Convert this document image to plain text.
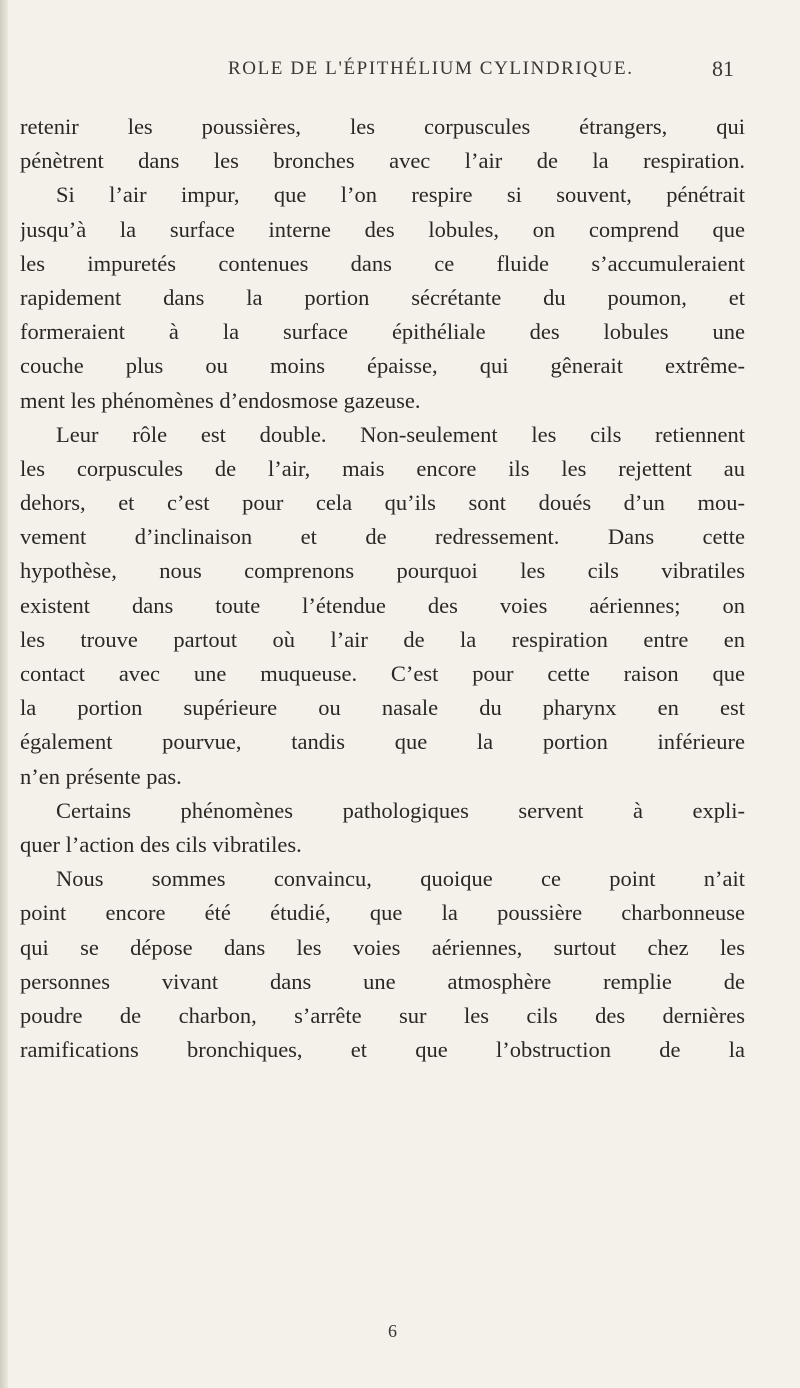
ROLE DE L'ÉPITHÉLIUM CYLINDRIQUE.	81
retenir les poussières, les corpuscules étrangers, qui
pénètrent dans les bronches avec l’air de la respiration.
Si l’air impur, que l’on respire si souvent, pénétrait
jusqu’à la surface interne des lobules, on comprend que
les impuretés contenues dans ce fluide s’accumuleraient
rapidement dans la portion sécrétante du poumon, et
formeraient à la surface épithéliale des lobules une
couche plus ou moins épaisse, qui gênerait extrême-
ment les phénomènes d’endosmose gazeuse.
Leur rôle est double. Non-seulement les cils retiennent
les corpuscules de l’air, mais encore ils les rejettent au
dehors, et c’est pour cela qu’ils sont doués d’un mou-
vement d’inclinaison et de redressement. Dans cette
hypothèse, nous comprenons pourquoi les cils vibratiles
existent dans toute l’étendue des voies aériennes; on
les trouve partout où l’air de la respiration entre en
contact avec une muqueuse. C’est pour cette raison que
la portion supérieure ou nasale du pharynx en est
également pourvue, tandis que la portion inférieure
n’en présente pas.
Certains phénomènes pathologiques servent à expli-
quer l’action des cils vibratiles.
Nous sommes convaincu, quoique ce point n’ait
point encore été étudié, que la poussière charbonneuse
qui se dépose dans les voies aériennes, surtout chez les
personnes vivant dans une atmosphère remplie de
poudre de charbon, s’arrête sur les cils des dernières
ramifications bronchiques, et que l’obstruction de la
6
